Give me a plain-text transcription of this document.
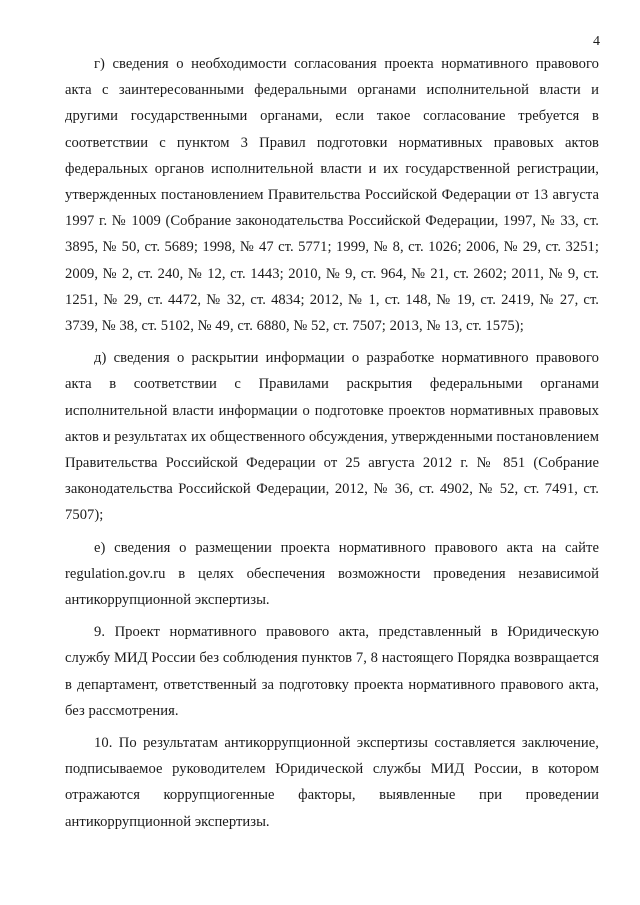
4

г) сведения о необходимости согласования проекта нормативного правового акта с заинтересованными федеральными органами исполнительной власти и другими государственными органами, если такое согласование требуется в соответствии с пунктом 3 Правил подготовки нормативных правовых актов федеральных органов исполнительной власти и их государственной регистрации, утвержденных постановлением Правительства Российской Федерации от 13 августа 1997 г. № 1009 (Собрание законодательства Российской Федерации, 1997, № 33, ст. 3895, № 50, ст. 5689; 1998, № 47 ст. 5771; 1999, № 8, ст. 1026; 2006, № 29, ст. 3251; 2009, № 2, ст. 240, № 12, ст. 1443; 2010, № 9, ст. 964, № 21, ст. 2602; 2011, № 9, ст. 1251, № 29, ст. 4472, № 32, ст. 4834; 2012, № 1, ст. 148, № 19, ст. 2419, № 27, ст. 3739, № 38, ст. 5102, № 49, ст. 6880, № 52, ст. 7507; 2013, № 13, ст. 1575);

д) сведения о раскрытии информации о разработке нормативного правового акта в соответствии с Правилами раскрытия федеральными органами исполнительной власти информации о подготовке проектов нормативных правовых актов и результатах их общественного обсуждения, утвержденными постановлением Правительства Российской Федерации от 25 августа 2012 г. № 851 (Собрание законодательства Российской Федерации, 2012, № 36, ст. 4902, № 52, ст. 7491, ст. 7507);

е) сведения о размещении проекта нормативного правового акта на сайте regulation.gov.ru в целях обеспечения возможности проведения независимой антикоррупционной экспертизы.

9. Проект нормативного правового акта, представленный в Юридическую службу МИД России без соблюдения пунктов 7, 8 настоящего Порядка возвращается в департамент, ответственный за подготовку проекта нормативного правового акта, без рассмотрения.

10. По результатам антикоррупционной экспертизы составляется заключение, подписываемое руководителем Юридической службы МИД России, в котором отражаются коррупциогенные факторы, выявленные при проведении антикоррупционной экспертизы.
